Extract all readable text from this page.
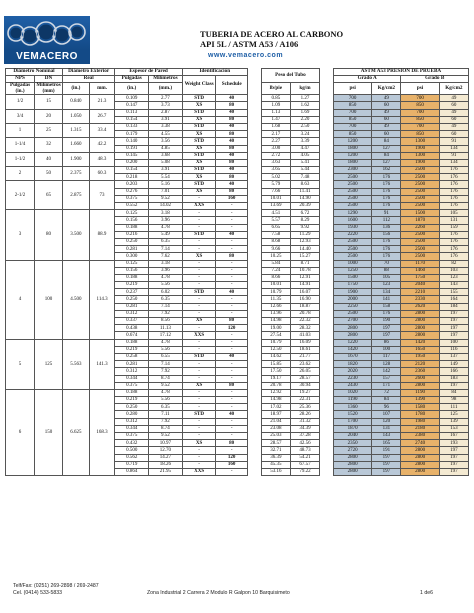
VEMACERO
TUBERIA DE ACERO AL CARBONO
API 5L / ASTM A53 / A106
www.vemacero.com
Diámetro Nominal		Diámetro Exterior		Espesor de Pared		Identificación			Peso del Tubo			ASTM A53 PRESION DE PRUEBA			
NPS	DN	Real		Pulgadas	Milímetros	Weight Class	Schedule					Grado A		Grado B	
Pulgadas (in.)	Milímetros (mm)	(in.)	mm.	(in.)	(mm.)				lb/pie	kg/m		psi	Kg/cm2	psi	Kg/cm2
1/2	15	0.840	21.3	0.109	2.77	STD	40		0.85	1.27		700	49	700	49
				0.147	3.73	XS	80		1.09	1.62		850	60	850	60
3/4	20	1.050	26.7	0.113	2.87	STD	40		1.13	1.69		700	49	700	49
				0.154	3.91	XS	80		1.47	2.20		850	60	850	60
1	25	1.315	33.4	0.133	3.38	STD	40		1.68	2.50		700	49	700	49
				0.179	4.55	XS	80		2.17	3.24		850	60	850	60
1-1/4	32	1.660	42.2	0.140	3.56	STD	40		2.27	3.39		1200	84	1300	91
				0.191	4.85	XS	80		3.00	4.47		1800	127	1900	134
1-1/2	40	1.900	48.3	0.145	3.68	STD	40		2.72	4.05		1200	84	1300	91
				0.200	5.08	XS	80		3.63	5.41		1800	127	1900	134
2	50	2.375	60.3	0.154	3.91	STD	40		3.65	5.44		2300	162	2500	176
				0.218	5.54	XS	80		5.02	7.48		2500	176	2500	176
2-1/2	65	2.875	73	0.203	5.16	STD	40		5.79	8.63		2500	176	2500	176
				0.276	7.01	XS	80		7.66	11.41		2500	176	2500	176
				0.375	9.52	-	160		10.01	14.90		2500	176	2500	176
				0.552	14.02	XXS	-		13.69	20.39		2500	176	2500	176
3	80	3.500	88.9	0.125	3.18	-	-		4.51	6.72		1290	91	1500	105
				0.156	3.96	-	-		5.57	8.29		1600	112	1870	131
				0.188	4.78	-	-		6.65	9.92		1930	136	2260	159
				0.216	5.49	STD	40		7.58	11.29		2220	156	2500	176
				0.250	6.35	-	-		8.68	12.93		2500	176	2500	176
				0.281	7.14	-	-		9.66	14.40		2500	176	2500	176
				0.300	7.62	XS	80		10.25	15.27		2500	176	2500	176
4	100	4.500	114.3	0.125	3.18	-	-		5.84	8.71		1000	70	1170	82
				0.156	3.96	-	-		7.24	10.78		1250	88	1460	103
				0.188	4.78	-	-		8.66	12.91		1500	105	1750	123
				0.219	5.56	-	-		10.01	14.91		1750	123	2040	143
				0.237	6.02	STD	40		10.79	16.07		1900	134	2210	155
				0.250	6.35	-	-		11.35	16.90		2000	141	2330	164
				0.281	7.14	-	-		12.66	18.87		2250	158	2620	184
				0.312	7.92	-	-		13.96	20.78		2500	176	2800	197
				0.337	8.56	XS	80		14.98	22.32		2700	190	2800	197
				0.438	11.13	-	120		19.00	28.32		2800	197	2800	197
				0.674	17.12	XXS	-		27.54	41.03		2800	197	2800	197
5	125	5.563	141.3	0.188	4.78	-	-		10.79	16.09		1220	86	1420	100
				0.219	5.56	-	-		12.50	18.61		1420	100	1650	116
				0.258	6.55	STD	40		14.62	21.77		1670	117	1950	137
				0.281	7.14	-	-		15.85	23.62		1820	128	2120	149
				0.312	7.92	-	-		17.50	26.05		2020	142	2360	166
				0.344	8.74	-	-		19.17	28.57		2230	157	2600	183
				0.375	9.52	XS	80		20.78	30.94		2430	171	2800	197
6	150	6.625	168.3	0.188	4.78	-	-		12.92	19.27		1020	72	1190	84
				0.219	5.56	-	-		14.98	22.31		1190	84	1390	98
				0.250	6.35	-	-		17.02	25.36		1360	96	1580	111
				0.280	7.11	STD	40		18.97	28.26		1520	107	1780	125
				0.312	7.92	-	-		21.04	31.32		1700	120	1980	139
				0.344	8.74	-	-		23.08	34.39		1870	131	2180	153
				0.375	9.52	-	-		25.03	37.28		2040	143	2380	167
				0.432	10.97	XS	80		28.57	42.56		2350	165	2740	193
				0.500	12.70	-	-		32.71	48.73		2720	191	2800	197
				0.562	14.27	-	120		36.39	54.21		2800	197	2800	197
				0.719	18.26	-	160		45.35	67.57		2800	197	2800	197
				0.864	21.95	XXS	-		53.16	79.22		2800	197	2800	197
Telf/Fax: (0251) 269-2898 / 269-2487
Cel. (0414) 533-5833	Zona Industrial 2 Carrera 2 Modulo R Galpon 10 Barquisimeto	1 de6
